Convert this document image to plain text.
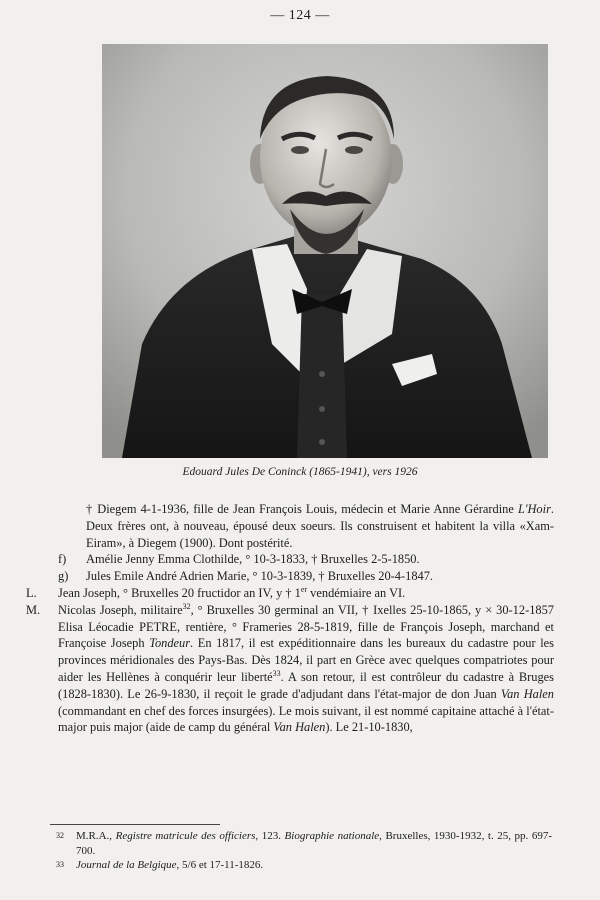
— 124 —
Edouard Jules De Coninck (1865-1941), vers 1926
† Diegem 4-1-1936, fille de Jean François Louis, médecin et Marie Anne Gérardine L'Hoir. Deux frères ont, à nouveau, épousé deux soeurs. Ils construisent et habitent la villa «Xam-Eiram», à Diegem (1900). Dont postérité.
f) Amélie Jenny Emma Clothilde, ° 10-3-1833, † Bruxelles 2-5-1850.
g) Jules Emile André Adrien Marie, ° 10-3-1839, † Bruxelles 20-4-1847.
L. Jean Joseph, ° Bruxelles 20 fructidor an IV, y † 1er vendémiaire an VI.
M. Nicolas Joseph, militaire$^{32}$, ° Bruxelles 30 germinal an VII, † Ixelles 25-10-1865, y × 30-12-1857 Elisa Léocadie PETRE, rentière, ° Frameries 28-5-1819, fille de François Joseph, marchand et Françoise Joseph Tondeur. En 1817, il est expéditionnaire dans les bureaux du cadastre pour les provinces méridionales des Pays-Bas. Dès 1824, il part en Grèce avec quelques compatriotes pour aider les Hellènes à conquérir leur liberté$^{33}$. A son retour, il est contrôleur du cadastre à Bruges (1828-1830). Le 26-9-1830, il reçoit le grade d'adjudant dans l'état-major de don Juan Van Halen (commandant en chef des forces insurgées). Le mois suivant, il est nommé capitaine attaché à l'état-major puis major (aide de camp du général Van Halen). Le 21-10-1830,
32 M.R.A., Registre matricule des officiers, 123. Biographie nationale, Bruxelles, 1930-1932, t. 25, pp. 697-700.
33 Journal de la Belgique, 5/6 et 17-11-1826.
